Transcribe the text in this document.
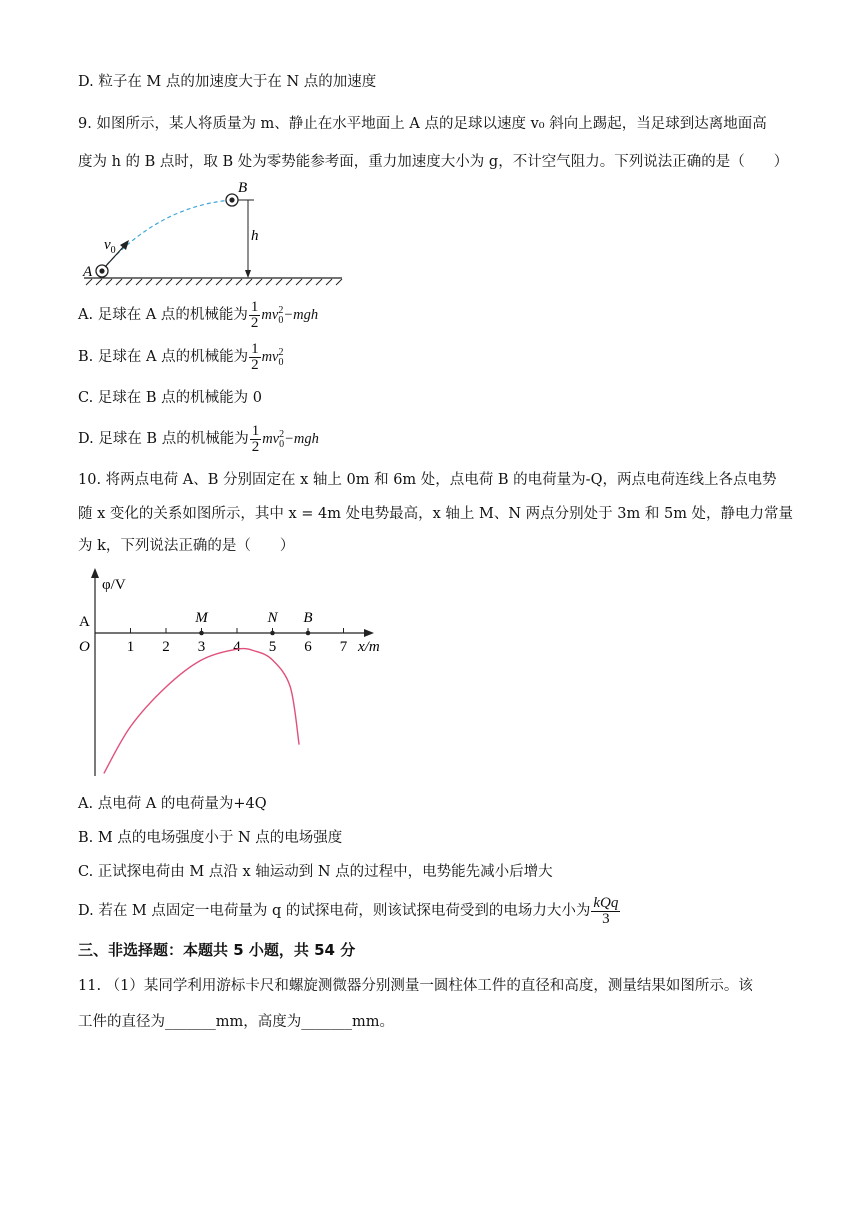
D. 粒子在 M 点的加速度大于在 N 点的加速度
9. 如图所示，某人将质量为 m、静止在水平地面上 A 点的足球以速度 v₀ 斜向上踢起，当足球到达离地面高
度为 h 的 B 点时，取 B 处为零势能参考面，重力加速度大小为 g，不计空气阻力。下列说法正确的是（　　）
A
B
h
$v_0$
A. 足球在 A 点的机械能为 $\frac{1}{2}$ mv 2
0 −mgh
B. 足球在 A 点的机械能为 $\frac{1}{2}$ mv 2
0
C. 足球在 B 点的机械能为 0
D. 足球在 B 点的机械能为 $\frac{1}{2}$ mv 2
0 −mgh
10. 将两点电荷 A、B 分别固定在 x 轴上 0m 和 6m 处，点电荷 B 的电荷量为-Q，两点电荷连线上各点电势
随 x 变化的关系如图所示，其中 x = 4m 处电势最高，x 轴上 M、N 两点分别处于 3m 和 5m 处，静电力常量
为 k，下列说法正确的是（　　）
φ/V
x/m
O
A
1 2 3 4 5 6 7
M	N B
A. 点电荷 A 的电荷量为+4Q
B. M 点的电场强度小于 N 点的电场强度
C. 正试探电荷由 M 点沿 x 轴运动到 N 点的过程中，电势能先减小后增大
D. 若在 M 点固定一电荷量为 q 的试探电荷，则该试探电荷受到的电场力大小为 $\frac{\text{kQq}}{3}$
三、非选择题：本题共 5 小题，共 54 分
11. （1）某同学利用游标卡尺和螺旋测微器分别测量一圆柱体工件的直径和高度，测量结果如图所示。该
工件的直径为_______mm，高度为_______mm。
